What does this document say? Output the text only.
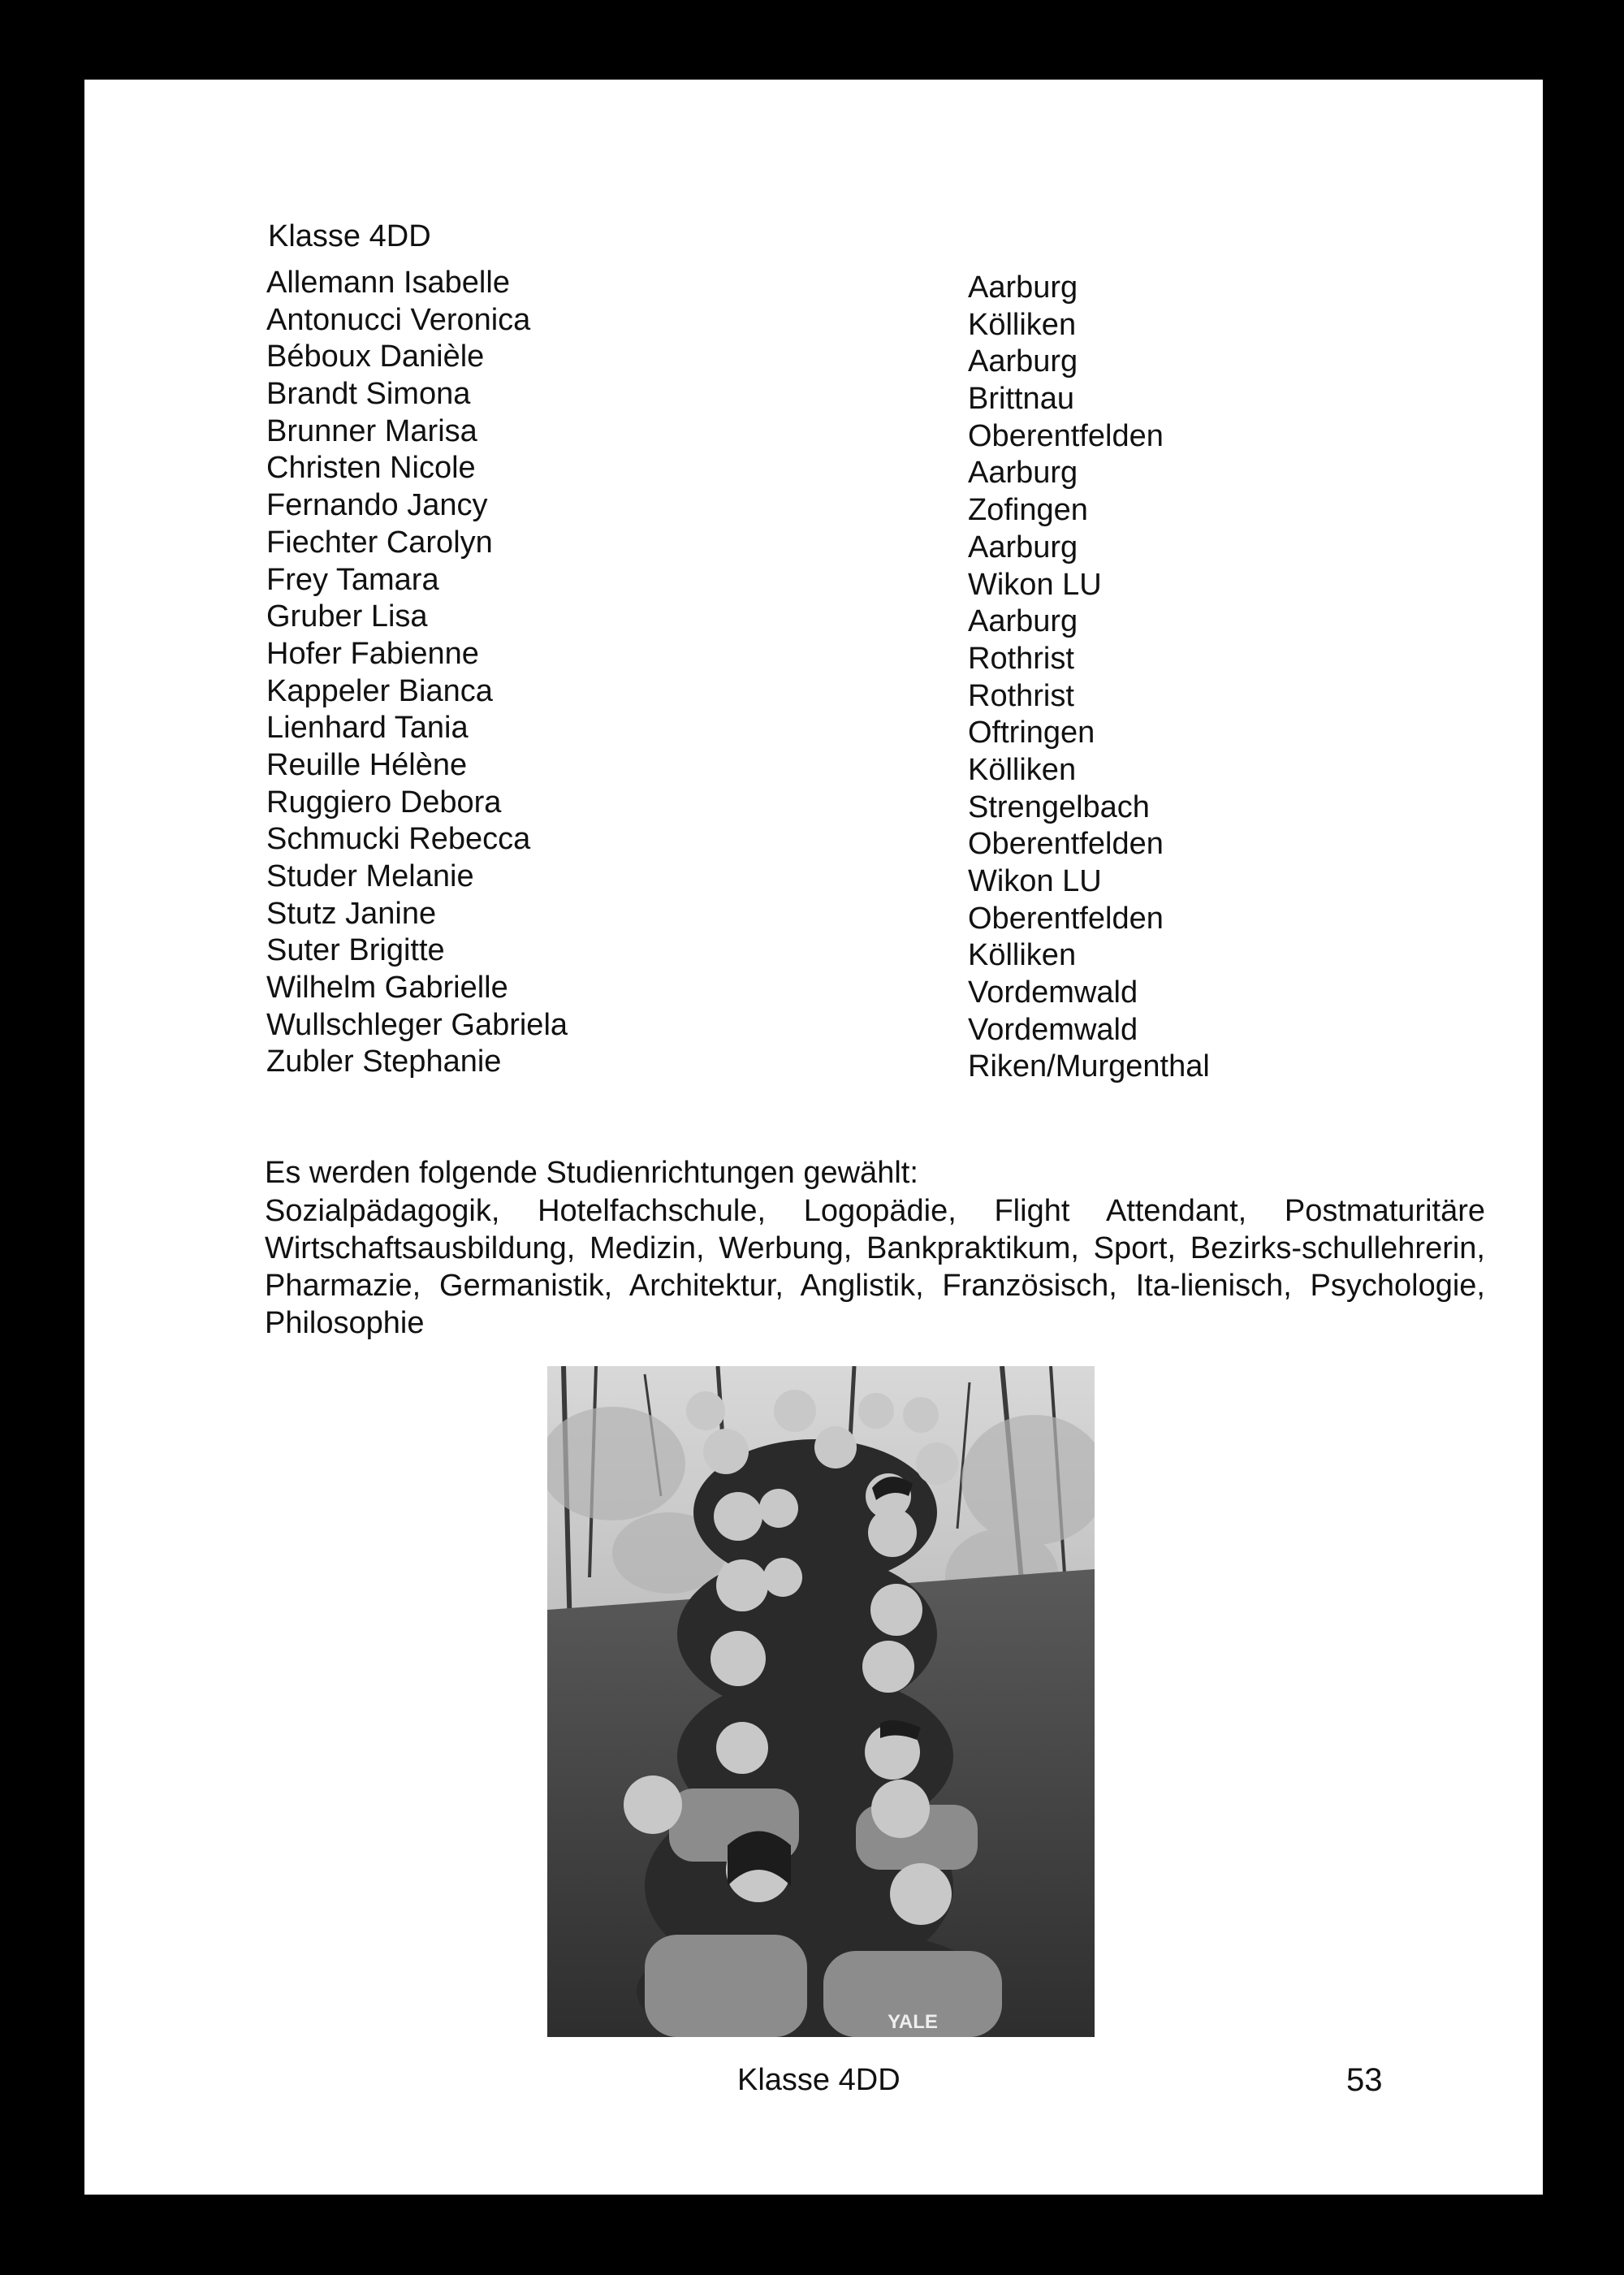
Klasse 4DD
Allemann Isabelle	Aarburg
Antonucci Veronica	Kölliken
Béboux Danièle	Aarburg
Brandt Simona	Brittnau
Brunner Marisa	Oberentfelden
Christen Nicole	Aarburg
Fernando Jancy	Zofingen
Fiechter Carolyn	Aarburg
Frey Tamara	Wikon LU
Gruber Lisa	Aarburg
Hofer Fabienne	Rothrist
Kappeler Bianca	Rothrist
Lienhard Tania	Oftringen
Reuille Hélène	Kölliken
Ruggiero Debora	Strengelbach
Schmucki Rebecca	Oberentfelden
Studer Melanie	Wikon LU
Stutz Janine	Oberentfelden
Suter Brigitte	Kölliken
Wilhelm Gabrielle	Vordemwald
Wullschleger Gabriela	Vordemwald
Zubler Stephanie	Riken/Murgenthal
Es werden folgende Studienrichtungen gewählt:
Sozialpädagogik, Hotelfachschule, Logopädie, Flight Attendant, Postmaturitäre Wirtschaftsausbildung, Medizin, Werbung, Bankpraktikum, Sport, Bezirks-schullehrerin, Pharmazie, Germanistik, Architektur, Anglistik, Französisch, Ita-lienisch, Psychologie, Philosophie
YALE
Klasse 4DD	53
